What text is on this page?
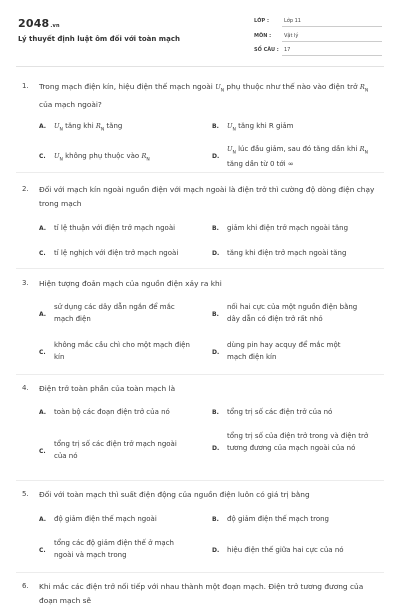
2048.vn
Lý thuyết định luật ôm đối với toàn mạch
LỚP :	Lớp 11
MÔN :	Vật lý
SỐ CÂU : 17
1. Trong mạch điện kín, hiệu điện thế mạch ngoài $U_N$ phụ thuộc như thế nào vào điện trở $R_N$ của mạch ngoài?
A. $U_N$ tăng khi $R_N$ tăng	B. $U_N$ tăng khi R giảm
C. $U_N$ không phụ thuộc vào $R_N$	D.
$U_N$ lúc đầu giảm, sau đó tăng dần khi $R_N$ tăng dần từ 0 tới ∞
2. Đối với mạch kín ngoài nguồn điện với mạch ngoài là điện trở thì cường độ dòng điện chạy trong mạch
A. tỉ lệ thuận với điện trở mạch ngoài	B. giảm khi điện trở mạch ngoài tăng
C. tỉ lệ nghịch với điện trở mạch ngoài	D. tăng khi điện trở mạch ngoài tăng
3. Hiện tượng đoản mạch của nguồn điện xảy ra khi
A.
sử dụng các dây dẫn ngắn để mắc mạch điện	B.
nối hai cực của một nguồn điện bằng dây dẫn có điện trở rất nhỏ
C.
không mắc cầu chì cho một mạch điện kín	D.
dùng pin hay acquy để mắc một mạch điện kín
4. Điện trở toàn phần của toàn mạch là
A. toàn bộ các đoạn điện trở của nó	B. tổng trị số các điện trở của nó
C.
tổng trị số các điện trở mạch ngoài của nó
D.
tổng trị số của điện trở trong và điện trở tương đương của mạch ngoài của nó
5. Đối với toàn mạch thì suất điện động của nguồn điện luôn có giá trị bằng
A. độ giảm điện thế mạch ngoài	B. độ giảm điện thế mạch trong
C.
tổng các độ giảm điện thế ở mạch ngoài và mạch trong	D. hiệu điện thế giữa hai cực của nó
6. Khi mắc các điện trở nối tiếp với nhau thành một đoạn mạch. Điện trở tương đương của đoạn mạch sẽ
